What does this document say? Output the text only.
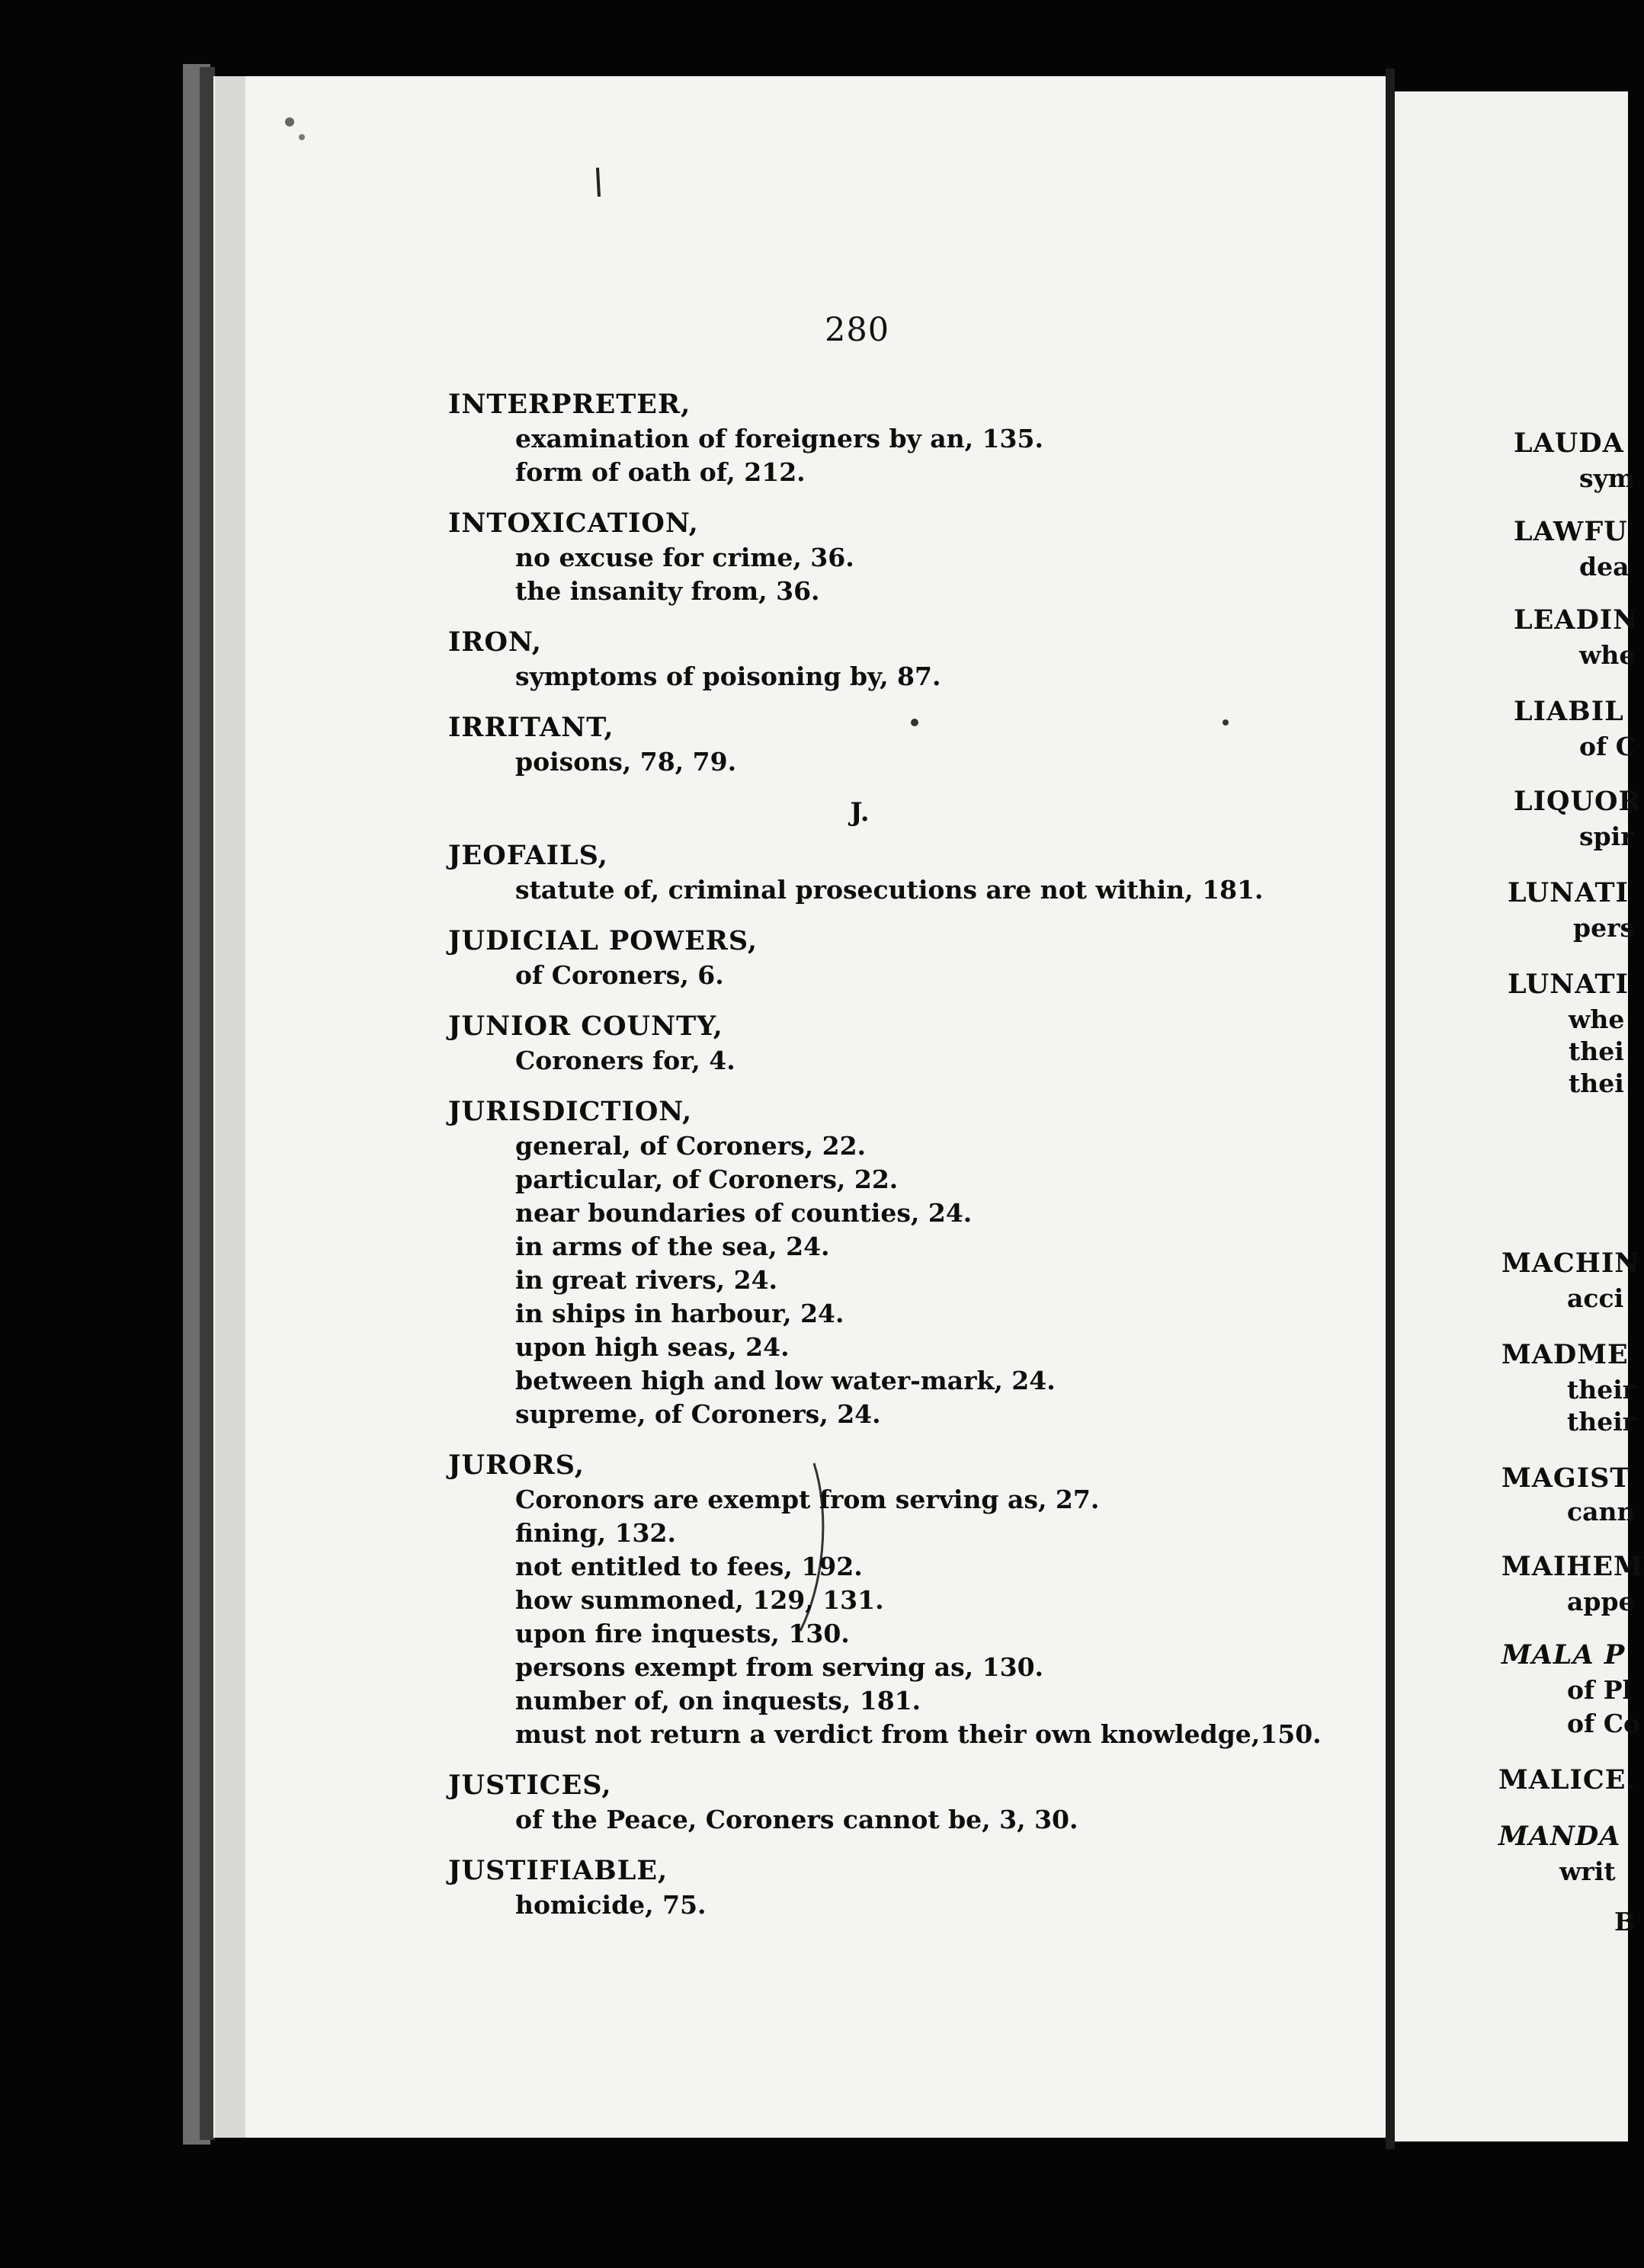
280
INTERPRETER,
examination of foreigners by an, 135.
form of oath of, 212.
INTOXICATION,
no excuse for crime, 36.
the insanity from, 36.
IRON,
symptoms of poisoning by, 87.
IRRITANT,
poisons, 78, 79.
J.
JEOFAILS,
statute of, criminal prosecutions are not within, 181.
JUDICIAL POWERS,
of Coroners, 6.
JUNIOR COUNTY,
Coroners for, 4.
JURISDICTION,
general, of Coroners, 22.
particular, of Coroners, 22.
near boundaries of counties, 24.
in arms of the sea, 24.
in great rivers, 24.
in ships in harbour, 24.
upon high seas, 24.
between high and low water-mark, 24.
supreme, of Coroners, 24.
JURORS,
Coronors are exempt from serving as, 27.
fining, 132.
not entitled to fees, 192.
how summoned, 129, 131.
upon fire inquests, 130.
persons exempt from serving as, 130.
number of, on inquests, 181.
must not return a verdict from their own knowledge,150.
JUSTICES,
of the Peace, Coroners cannot be, 3, 30.
JUSTIFIABLE,
homicide, 75.
LAUDA
sym
LAWFU
dea
LEADIN
whe
LIABIL
of C
LIQUOR
spir
LUNATI
pers
LUNATI
whe
thei
thei
MACHIN
acci
MADME
their
their
MAGIST
cann
MAIHEM
appe
MALA P
of Pl
of Co
MALICE.
MANDA
writ
B
